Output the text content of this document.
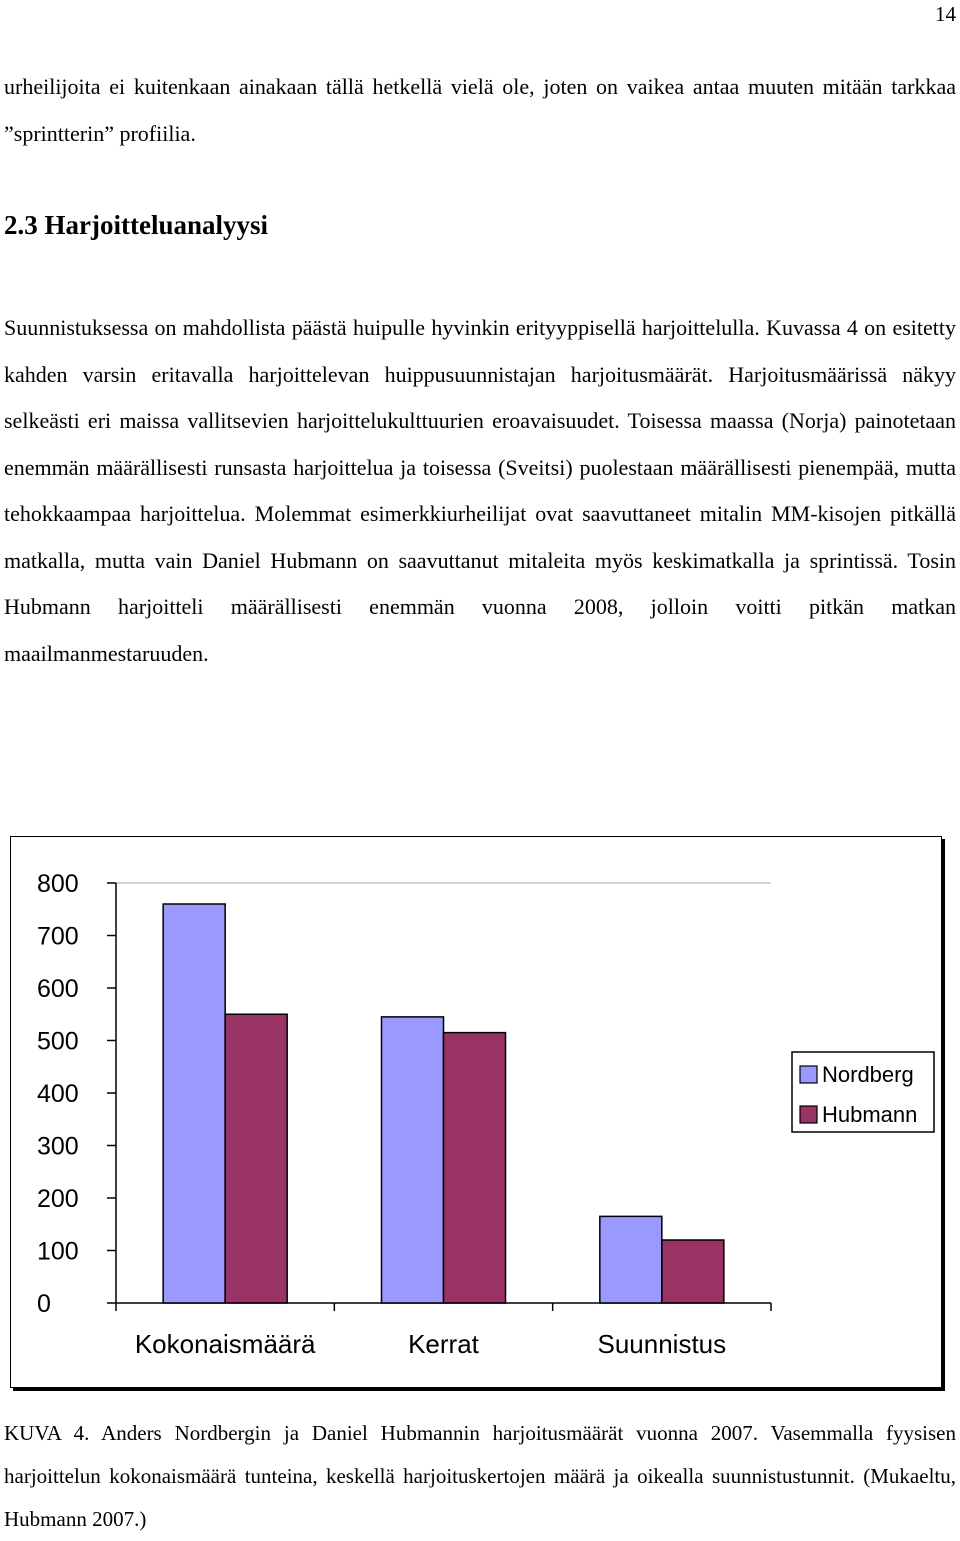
14

urheilijoita ei kuitenkaan ainakaan tällä hetkellä vielä ole, joten on vaikea antaa muuten mitään tarkkaa ”sprintterin” profiilia.

2.3 Harjoitteluanalyysi

Suunnistuksessa on mahdollista päästä huipulle hyvinkin erityyppisellä harjoittelulla. Kuvassa 4 on esitetty kahden varsin eritavalla harjoittelevan huippusuunnistajan harjoitusmäärät. Harjoitusmäärissä näkyy selkeästi eri maissa vallitsevien harjoittelukulttuurien eroavaisuudet. Toisessa maassa (Norja) painotetaan enemmän määrällisesti runsasta harjoittelua ja toisessa (Sveitsi) puolestaan määrällisesti pienempää, mutta tehokkaampaa harjoittelua. Molemmat esimerkkiurheilijat ovat saavuttaneet mitalin MM-kisojen pitkällä matkalla, mutta vain Daniel Hubmann on saavuttanut mitaleita myös keskimatkalla ja sprintissä. Tosin Hubmann harjoitteli määrällisesti enemmän vuonna 2008, jolloin voitti pitkän matkan maailmanmestaruuden.

0
100
200
300
400
500
600
700
800
Kokonaismäärä	Kerrat	Suunnistus
Nordberg
Hubmann

KUVA 4. Anders Nordbergin ja Daniel Hubmannin harjoitusmäärät vuonna 2007. Vasemmalla fyysisen harjoittelun kokonaismäärä tunteina, keskellä harjoituskertojen määrä ja oikealla suunnistustunnit. (Mukaeltu, Hubmann 2007.)
